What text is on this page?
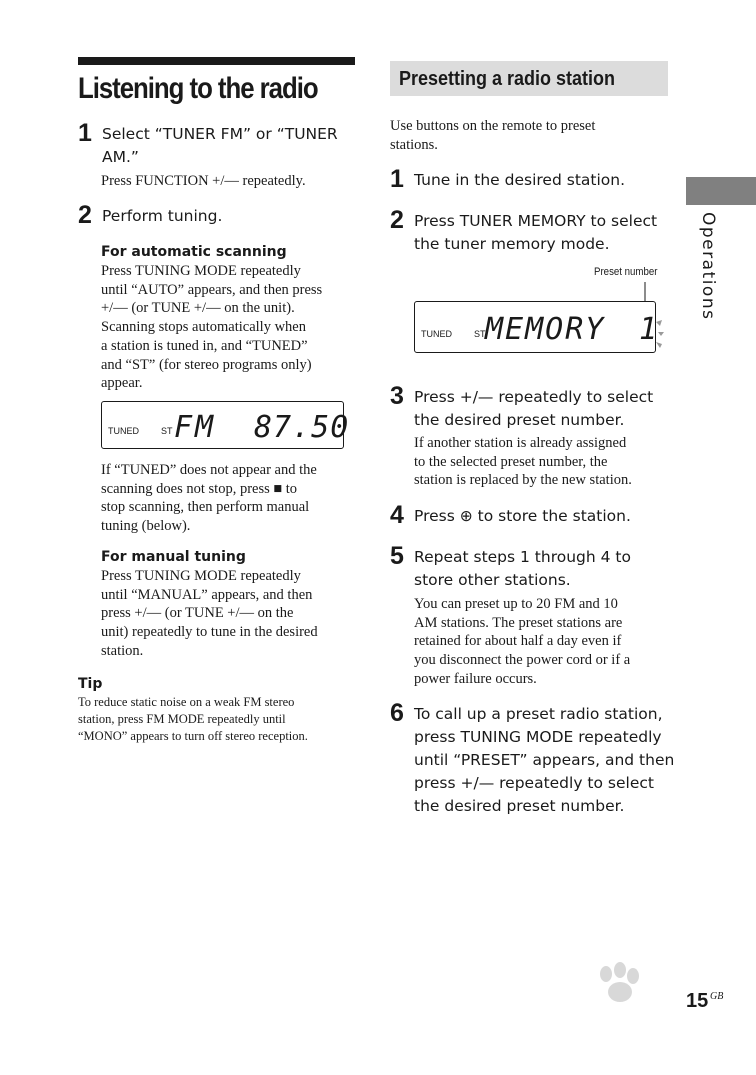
Listening to the radio
1 Select “TUNER FM” or “TUNER
AM.”
Press FUNCTION +/— repeatedly.
2 Perform tuning.
For automatic scanning
Press TUNING MODE repeatedly
until “AUTO” appears, and then press
+/— (or TUNE +/— on the unit).
Scanning stops automatically when
a station is tuned in, and “TUNED”
and “ST” (for stereo programs only)
appear.
TUNED ST FM 87.50
If “TUNED” does not appear and the
scanning does not stop, press ■ to
stop scanning, then perform manual
tuning (below).
For manual tuning
Press TUNING MODE repeatedly
until “MANUAL” appears, and then
press +/— (or TUNE +/— on the
unit) repeatedly to tune in the desired
station.
Tip
To reduce static noise on a weak FM stereo
station, press FM MODE repeatedly until
“MONO” appears to turn off stereo reception.
Presetting a radio station
Use buttons on the remote to preset
stations.
1 Tune in the desired station.
2 Press TUNER MEMORY to select
the tuner memory mode.
Preset number
TUNED ST MEMORY 1
3 Press +/— repeatedly to select
the desired preset number.
If another station is already assigned
to the selected preset number, the
station is replaced by the new station.
4 Press ⊕ to store the station.
5 Repeat steps 1 through 4 to
store other stations.
You can preset up to 20 FM and 10
AM stations. The preset stations are
retained for about half a day even if
you disconnect the power cord or if a
power failure occurs.
6 To call up a preset radio station,
press TUNING MODE repeatedly
until “PRESET” appears, and then
press +/— repeatedly to select
the desired preset number.
Operations
15 GB
